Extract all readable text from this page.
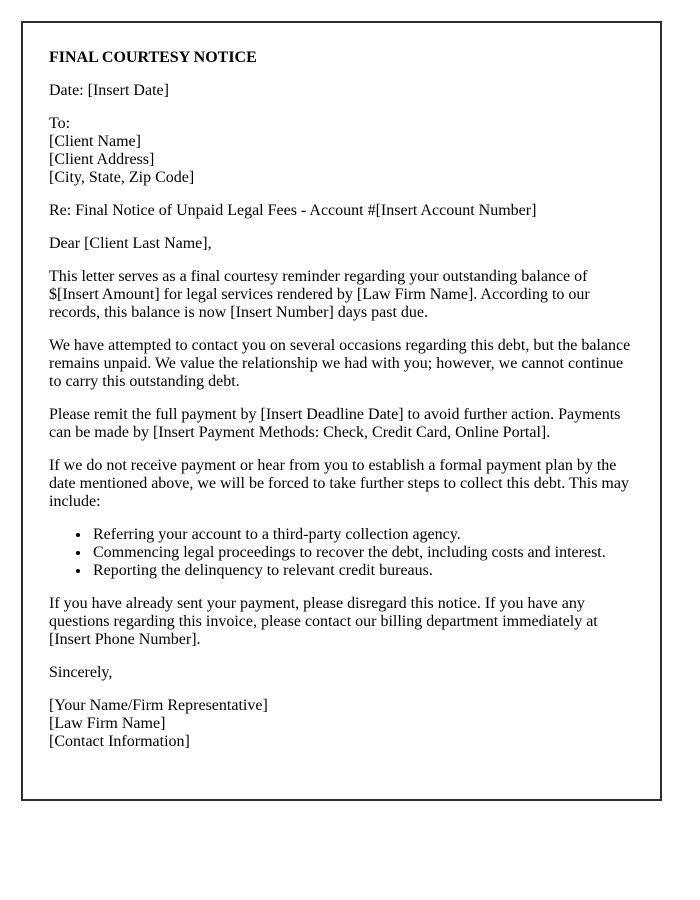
FINAL COURTESY NOTICE

Date: [Insert Date]

To:
[Client Name]
[Client Address]
[City, State, Zip Code]

Re: Final Notice of Unpaid Legal Fees - Account #[Insert Account Number]

Dear [Client Last Name],

This letter serves as a final courtesy reminder regarding your outstanding balance of $[Insert Amount] for legal services rendered by [Law Firm Name]. According to our records, this balance is now [Insert Number] days past due.

We have attempted to contact you on several occasions regarding this debt, but the balance remains unpaid. We value the relationship we had with you; however, we cannot continue to carry this outstanding debt.

Please remit the full payment by [Insert Deadline Date] to avoid further action. Payments can be made by [Insert Payment Methods: Check, Credit Card, Online Portal].

If we do not receive payment or hear from you to establish a formal payment plan by the date mentioned above, we will be forced to take further steps to collect this debt. This may include:

• Referring your account to a third-party collection agency.
• Commencing legal proceedings to recover the debt, including costs and interest.
• Reporting the delinquency to relevant credit bureaus.

If you have already sent your payment, please disregard this notice. If you have any questions regarding this invoice, please contact our billing department immediately at [Insert Phone Number].

Sincerely,

[Your Name/Firm Representative]
[Law Firm Name]
[Contact Information]
